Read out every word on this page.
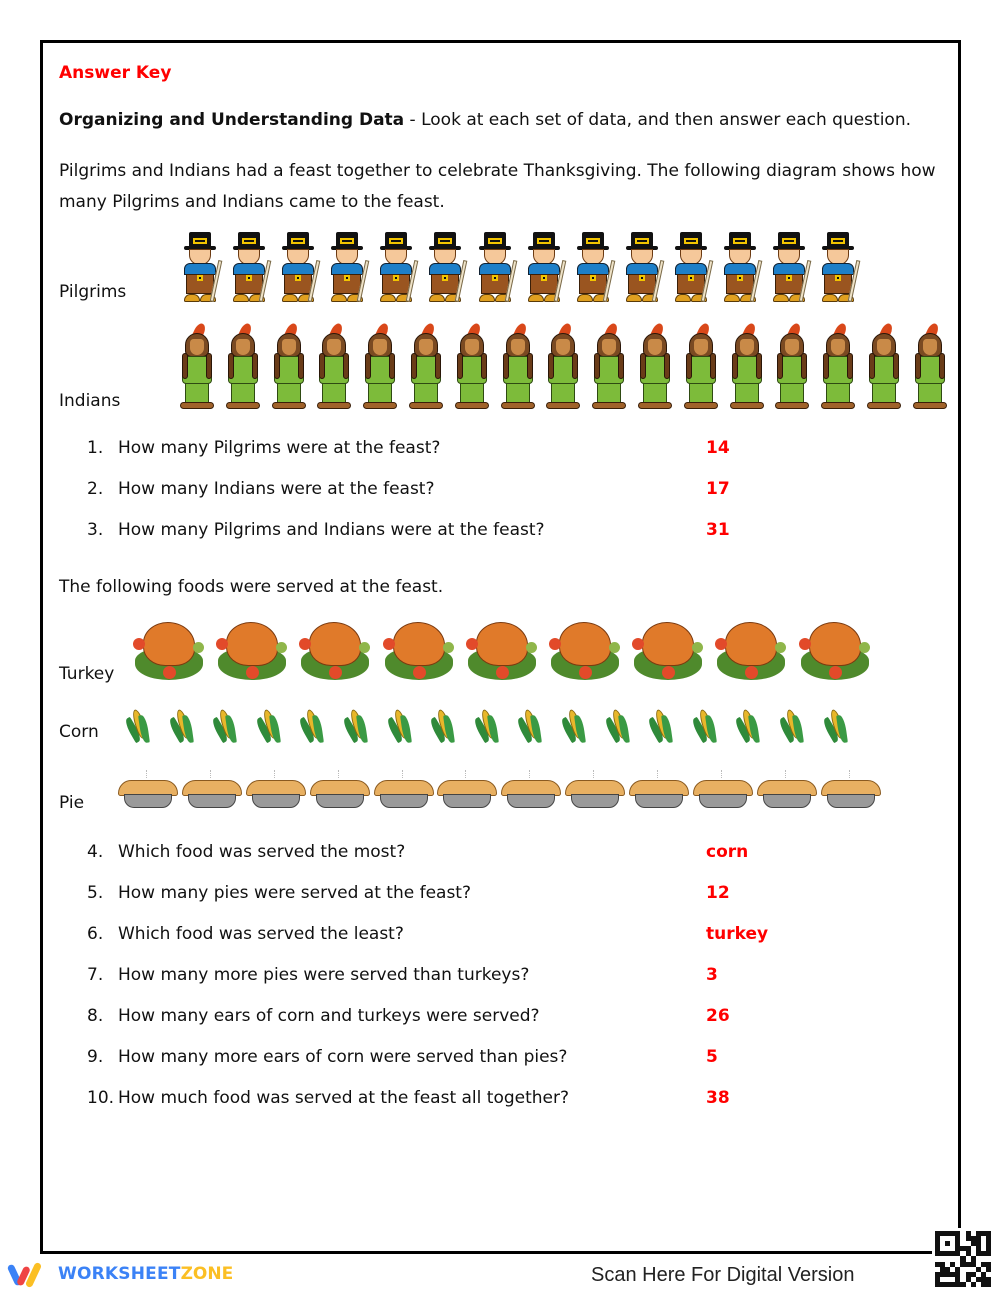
Answer Key
Organizing and Understanding Data - Look at each set of data, and then answer each question.
Pilgrims and Indians had a feast together to celebrate Thanksgiving. The following diagram shows how many Pilgrims and Indians came to the feast.
Pilgrims
Indians
1. How many Pilgrims were at the feast?	14
2. How many Indians were at the feast?	17
3. How many Pilgrims and Indians were at the feast?	31
The following foods were served at the feast.
Turkey
Corn
Pie
4. Which food was served the most?	corn
5. How many pies were served at the feast?	12
6. Which food was served the least?	turkey
7. How many more pies were served than turkeys?	3
8. How many ears of corn and turkeys were served?	26
9. How many more ears of corn were served than pies?	5
10. How much food was served at the feast all together?	38
WORKSHEET ZONE	Scan Here For Digital Version
